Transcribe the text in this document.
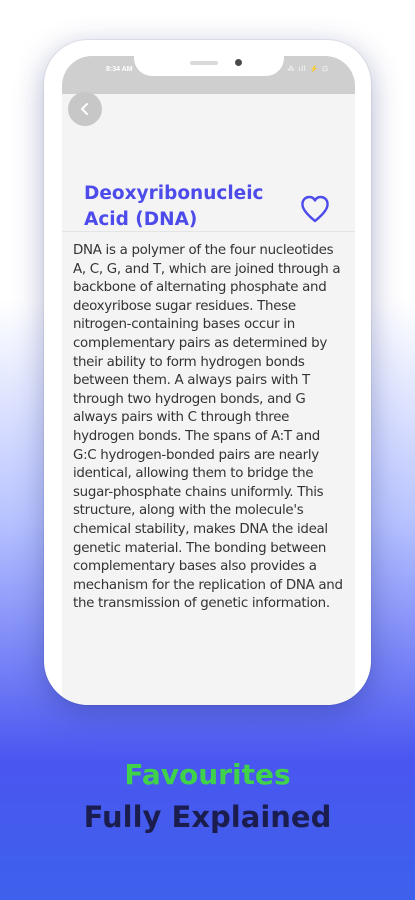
8:34 AM	⁂ ıll ⚡ ⊡
Deoxyribonucleic Acid (DNA)
DNA is a polymer of the four nucleotides A, C, G, and T, which are joined through a backbone of alternating phosphate and deoxyribose sugar residues. These nitrogen-containing bases occur in complementary pairs as determined by their ability to form hydrogen bonds between them. A always pairs with T through two hydrogen bonds, and G always pairs with C through three hydrogen bonds. The spans of A:T and G:C hydrogen-bonded pairs are nearly identical, allowing them to bridge the sugar-phosphate chains uniformly. This structure, along with the molecule's chemical stability, makes DNA the ideal genetic material. The bonding between complementary bases also provides a mechanism for the replication of DNA and the transmission of genetic information.
Favourites
Fully Explained
